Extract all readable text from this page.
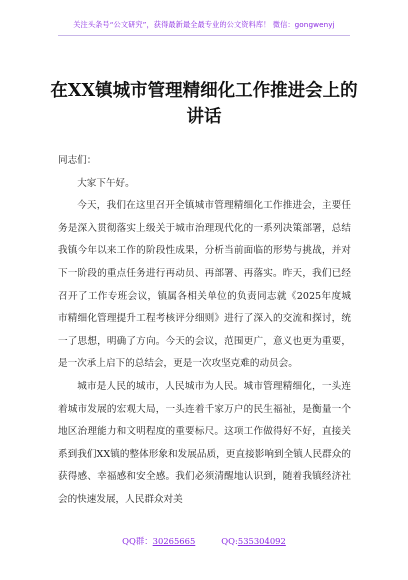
关注头条号“公文研究”，获得最新最全最专业的公文资料库！ 微信：gongwenyj
在XX镇城市管理精细化工作推进会上的讲话

同志们：

大家下午好。

今天，我们在这里召开全镇城市管理精细化工作推进会，主要任务是深入贯彻落实上级关于城市治理现代化的一系列决策部署，总结我镇今年以来工作的阶段性成果，分析当前面临的形势与挑战，并对下一阶段的重点任务进行再动员、再部署、再落实。昨天，我们已经召开了工作专班会议，镇属各相关单位的负责同志就《2025年度城市精细化管理提升工程考核评分细则》进行了深入的交流和探讨，统一了思想，明确了方向。今天的会议，范围更广，意义也更为重要，是一次承上启下的总结会，更是一次攻坚克难的动员会。

城市是人民的城市，人民城市为人民。城市管理精细化，一头连着城市发展的宏观大局，一头连着千家万户的民生福祉，是衡量一个地区治理能力和文明程度的重要标尺。这项工作做得好不好，直接关系到我们XX镇的整体形象和发展品质，更直接影响到全镇人民群众的获得感、幸福感和安全感。我们必须清醒地认识到，随着我镇经济社会的快速发展，人民群众对美

QQ群：30265665	QQ:535304092
